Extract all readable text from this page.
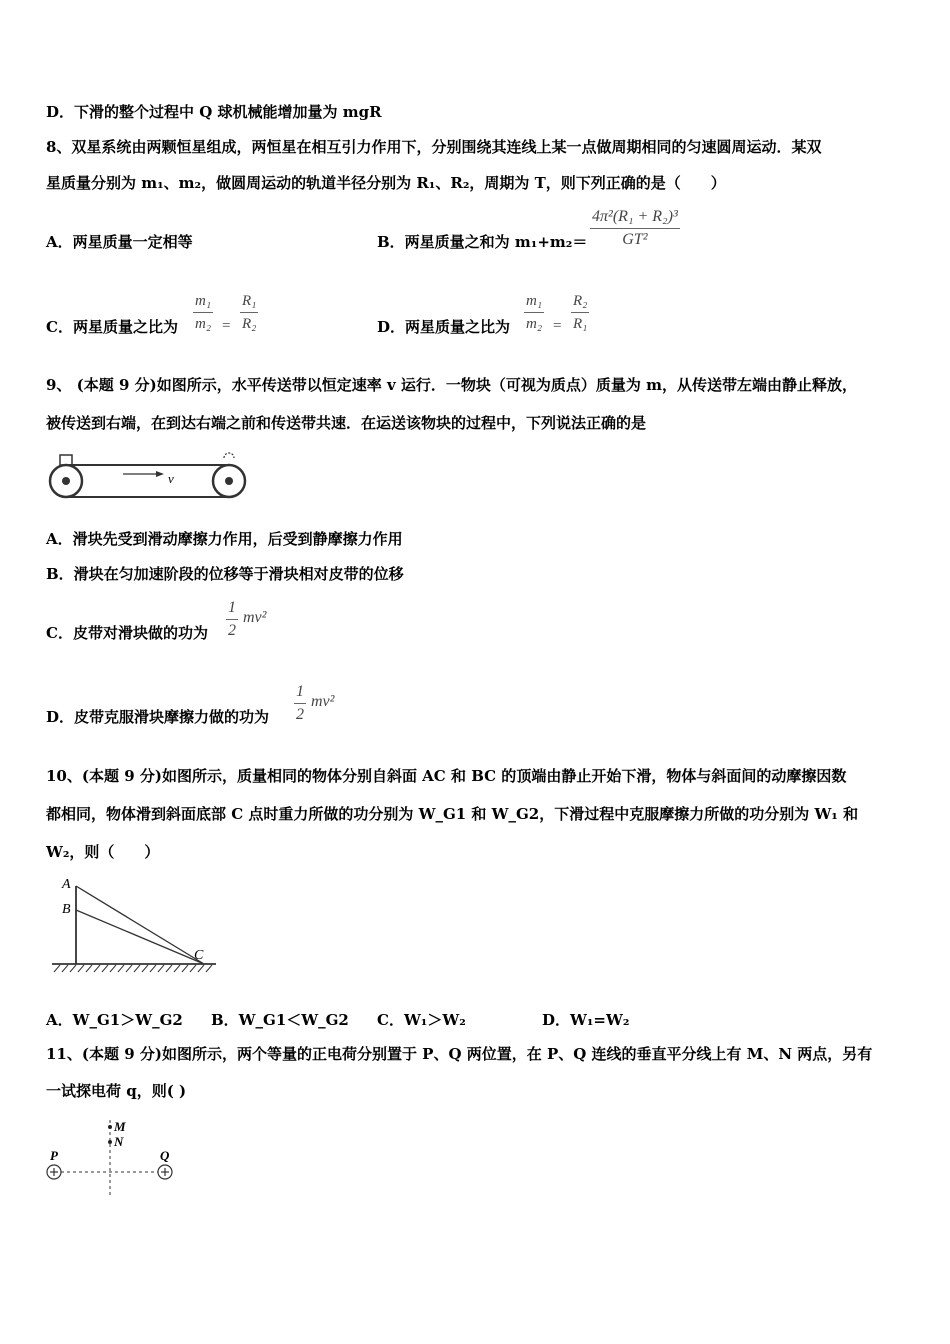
D．下滑的整个过程中 Q 球机械能增加量为 mgR
8、双星系统由两颗恒星组成，两恒星在相互引力作用下，分别围绕其连线上某一点做周期相同的匀速圆周运动．某双
星质量分别为 m₁、m₂，做圆周运动的轨道半径分别为 R₁、R₂，周期为 T，则下列正确的是（　　）
A．两星质量一定相等	B．两星质量之和为 $m_1+m_2= \frac{\text{4π²(R₁ + R₂)³}}{\text{GT²}}$
C．两星质量之比为 $\frac{\text{m₁}}{\text{m₂}} = \frac{\text{R₁}}{\text{R₂}}$	D．两星质量之比为 $\frac{\text{m₁}}{\text{m₂}} = \frac{\text{R₂}}{\text{R₁}}$
9、 (本题 9 分)如图所示，水平传送带以恒定速率 v 运行．一物块（可视为质点）质量为 m，从传送带左端由静止释放，
被传送到右端，在到达右端之前和传送带共速．在运送该物块的过程中，下列说法正确的是
v
A．滑块先受到滑动摩擦力作用，后受到静摩擦力作用
B．滑块在匀加速阶段的位移等于滑块相对皮带的位移
C．皮带对滑块做的功为 $\frac{1}{2} mv^2$
D．皮带克服滑块摩擦力做的功为 $\frac{1}{2} mv^2$
10、(本题 9 分)如图所示，质量相同的物体分别自斜面 AC 和 BC 的顶端由静止开始下滑，物体与斜面间的动摩擦因数
都相同，物体滑到斜面底部 C 点时重力所做的功分别为 W_G1 和 W_G2，下滑过程中克服摩擦力所做的功分别为 W₁ 和
W₂，则（　　）
A
B
C
A．W_G1＞W_G2 B．W_G1＜W_G2 C．W₁＞W₂	D．W₁=W₂
11、(本题 9 分)如图所示，两个等量的正电荷分别置于 P、Q 两位置，在 P、Q 连线的垂直平分线上有 M、N 两点，另有
一试探电荷 q，则( )
M
N
P	Q
